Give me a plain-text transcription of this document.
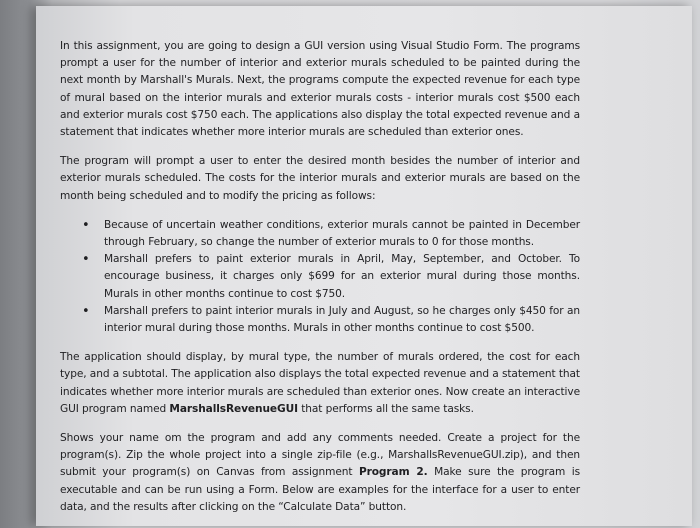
In this assignment, you are going to design a GUI version using Visual Studio Form. The programs prompt a user for the number of interior and exterior murals scheduled to be painted during the next month by Marshall's Murals. Next, the programs compute the expected revenue for each type of mural based on the interior murals and exterior murals costs - interior murals cost $500 each and exterior murals cost $750 each. The applications also display the total expected revenue and a statement that indicates whether more interior murals are scheduled than exterior ones.

The program will prompt a user to enter the desired month besides the number of interior and exterior murals scheduled. The costs for the interior murals and exterior murals are based on the month being scheduled and to modify the pricing as follows:

• Because of uncertain weather conditions, exterior murals cannot be painted in December through February, so change the number of exterior murals to 0 for those months.
• Marshall prefers to paint exterior murals in April, May, September, and October. To encourage business, it charges only $699 for an exterior mural during those months. Murals in other months continue to cost $750.
• Marshall prefers to paint interior murals in July and August, so he charges only $450 for an interior mural during those months. Murals in other months continue to cost $500.

The application should display, by mural type, the number of murals ordered, the cost for each type, and a subtotal. The application also displays the total expected revenue and a statement that indicates whether more interior murals are scheduled than exterior ones. Now create an interactive GUI program named MarshallsRevenueGUI that performs all the same tasks.

Shows your name om the program and add any comments needed. Create a project for the program(s). Zip the whole project into a single zip-file (e.g., MarshallsRevenueGUI.zip), and then submit your program(s) on Canvas from assignment Program 2. Make sure the program is executable and can be run using a Form. Below are examples for the interface for a user to enter data, and the results after clicking on the “Calculate Data” button.
